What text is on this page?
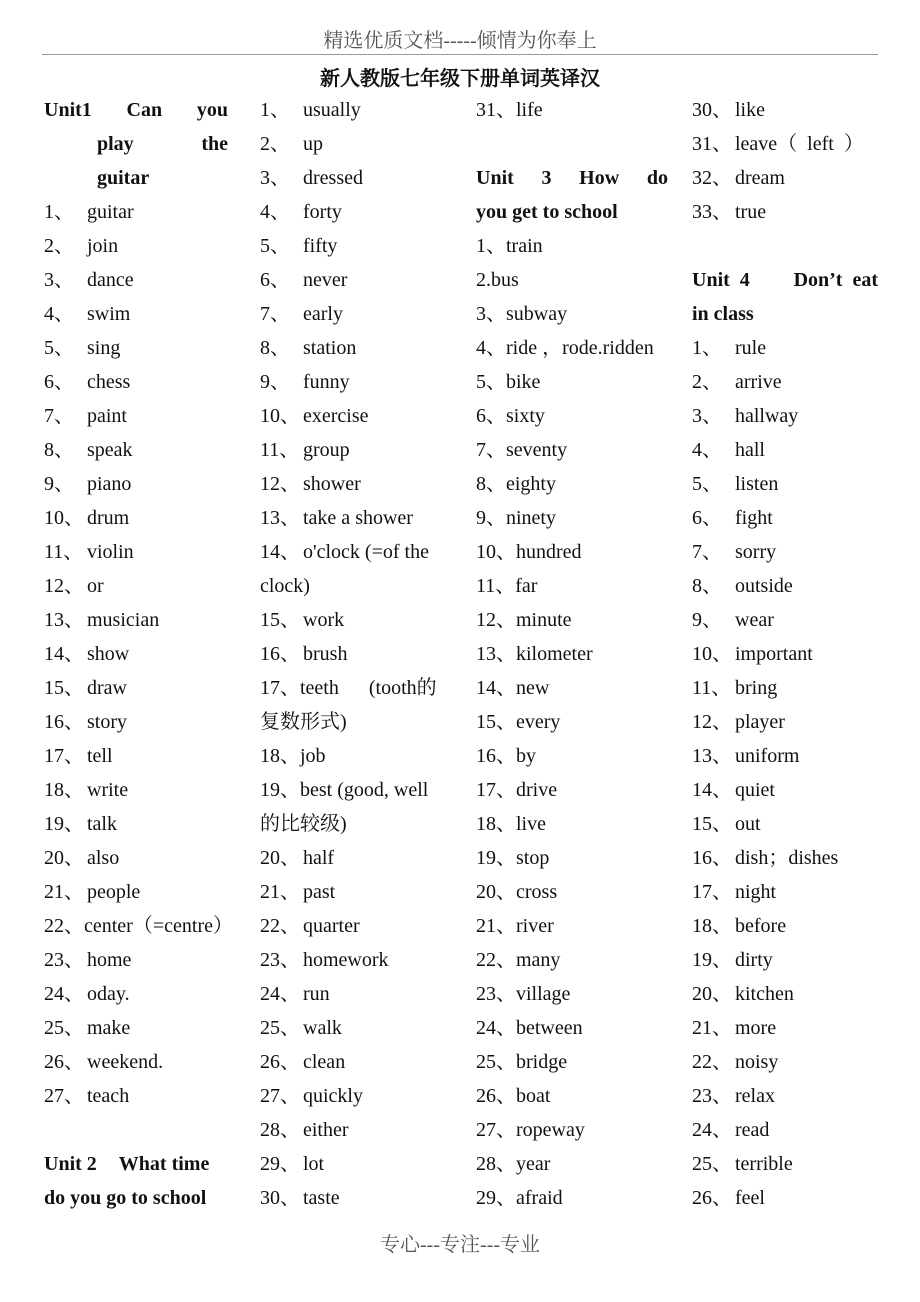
精选优质文档-----倾情为你奉上
新人教版七年级下册单词英译汉
Unit1 Can you
play	the
guitar
1、 guitar
2、 join
3、 dance
4、 swim
5、 sing
6、 chess
7、 paint
8、 speak
9、 piano
10、 drum
11、 violin
12、 or
13、 musician
14、 show
15、 draw
16、 story
17、 tell
18、 write
19、 talk
20、 also
21、 people
22、center （=centre）
23、 home
24、 oday.
25、 make
26、 weekend.
27、 teach
Unit 2 What time
do you go to school
1、 usually
2、 up
3、 dressed
4、 forty
5、 fifty
6、 never
7、 early
8、 station
9、 funny
10、 exercise
11、 group
12、 shower
13、 take a shower
14、 o'clock (=of the
clock)
15、 work
16、 brush
17、teeth (tooth的
复数形式)
18、 job
19、 best (good, well
的比较级)
20、 half
21、 past
22、 quarter
23、 homework
24、 run
25、 walk
26、 clean
27、 quickly
28、 either
29、 lot
30、 taste
31、 life
Unit 3 How do
you get to school
1、 train
2. bus
3、 subway
4、 ride ，rode.ridden
5、 bike
6、 sixty
7、 seventy
8、 eighty
9、 ninety
10、 hundred
11、 far
12、 minute
13、 kilometer
14、 new
15、 every
16、 by
17、 drive
18、 live
19、 stop
20、 cross
21、 river
22、 many
23、 village
24、 between
25、 bridge
26、 boat
27、 ropeway
28、 year
29、 afraid
30、 like
31、 leave（  left  ）
32、 dream
33、 true
Unit  4 Don’t  eat
in class
1、 rule
2、 arrive
3、 hallway
4、 hall
5、 listen
6、 fight
7、 sorry
8、 outside
9、 wear
10、 important
11、 bring
12、 player
13、 uniform
14、 quiet
15、 out
16、 dish；dishes
17、 night
18、 before
19、 dirty
20、 kitchen
21、 more
22、 noisy
23、 relax
24、 read
25、 terrible
26、 feel
专心---专注---专业
